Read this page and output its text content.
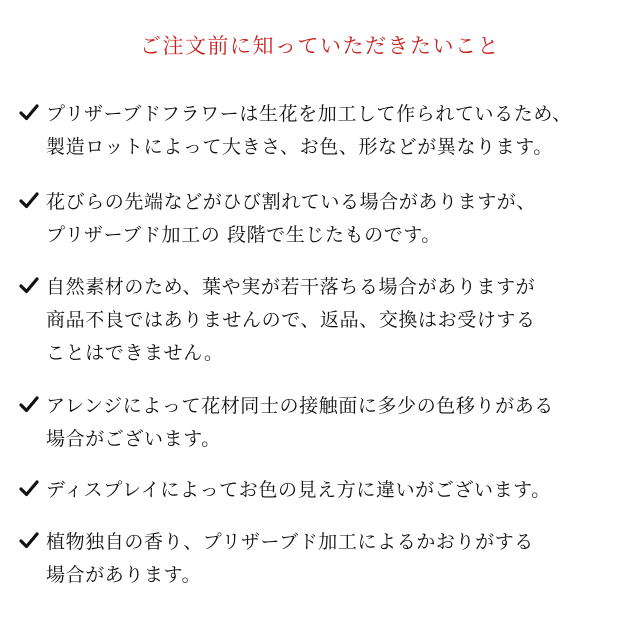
ご注文前に知っていただきたいこと
プリザーブドフラワーは生花を加工して作られているため、
製造ロットによって大きさ、お色、形などが異なります。
花びらの先端などがひび割れている場合がありますが、
プリザーブド加工の 段階で生じたものです。
自然素材のため、葉や実が若干落ちる場合がありますが
商品不良ではありませんので、返品、交換はお受けする
ことはできません。
アレンジによって花材同士の接触面に多少の色移りがある
場合がございます。
ディスプレイによってお色の見え方に違いがございます。
植物独自の香り、プリザーブド加工によるかおりがする
場合があります。
